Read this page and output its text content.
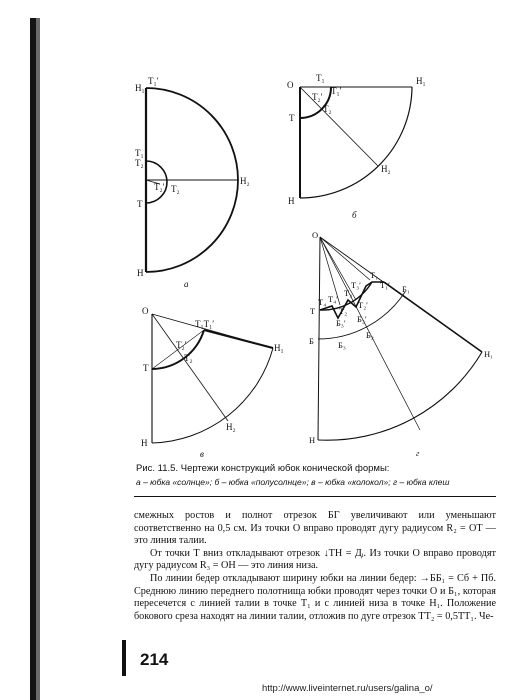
Н₁
Т₁′
Т₁
Т₂
Т₂′ Т₂
Н₂
Т
Н
а
О
Т₁
Т₁′
Т₂′
Т₂
Н₁
Т
Н₂
Н
б
О
Т₁Т₁′
Т₂′
Т₂
Т
Н₁
Н₂
Н
в
О
Т₁
Т₁′ Б₁
Т₃
Т₃′
Т₄ Т₄′
Т₂
Т₂′
Б₃′ Б₂′
Б	Б₃
Б₂
Т
Н₁
Н
г

Рис. 11.5. Чертежи конструкций юбок конической формы:

а – юбка «солнце»; б – юбка «полусолнце»; в – юбка «колокол»; г – юбка клеш

смежных ростов и полнот отрезок БГ увеличивают или уменьшают соответственно на 0,5 см. Из точки О вправо проводят дугу радиусом R₂ = ОТ — это линия талии.

От точки Т вниз откладывают отрезок ↓ТН = Дᵢ. Из точки О вправо проводят дугу радиусом R₃ = ОН — это линия низа.

По линии бедер откладывают ширину юбки на линии бедер: →ББ₁ = Сб + Пб. Среднюю линию переднего полотнища юбки проводят через точки О и Б₁, которая пересечется с линией талии в точке Т₁ и с линией низа в точке Н₁. Положение бокового среза находят на линии талии, отложив по дуге отрезок ТТ₂ = 0,5ТТ₁. Че-

214
http://www.liveinternet.ru/users/galina_o/
